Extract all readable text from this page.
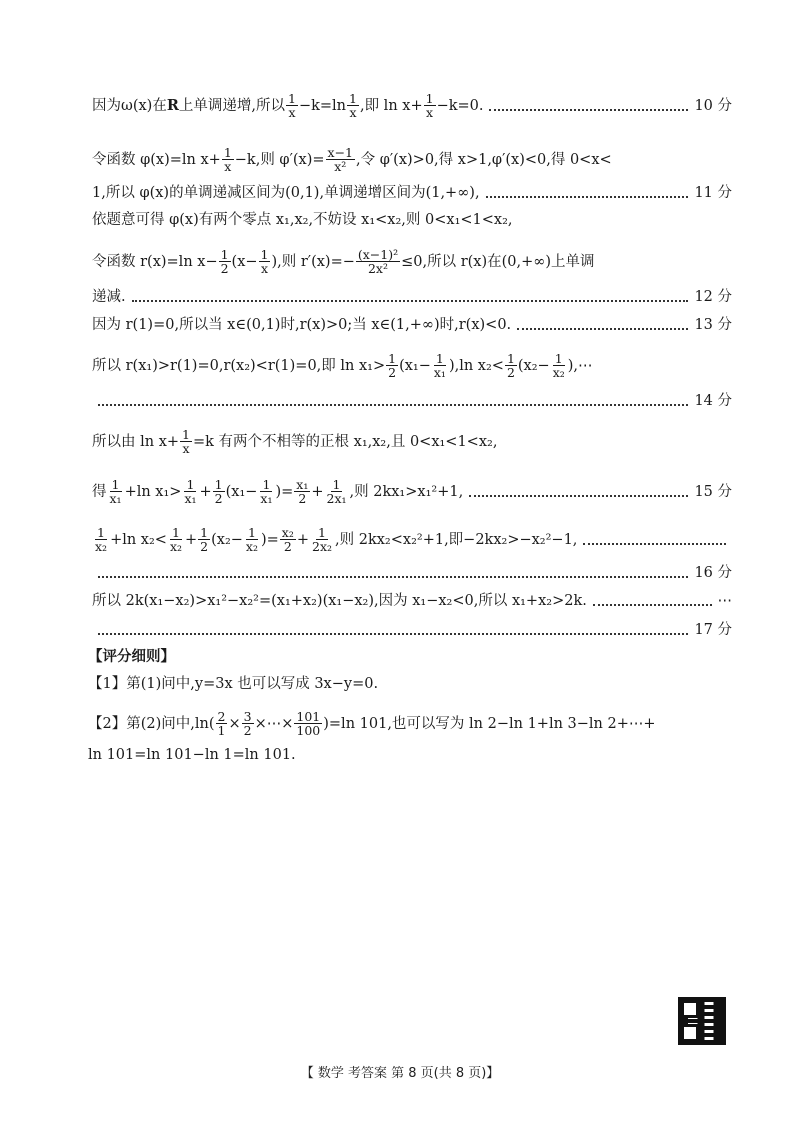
因为ω(x)在 R 上单调递增,所以 $\frac{1}{x} -k=\ln \frac{1}{x}$ ,即 $\ln x+ \frac{1}{x} -k=0$.	10 分
令函数 φ(x)=ln $x+ \frac{1}{x} -k$,则 $\varphi'(x)= \frac{x-1}{\text{x²}}$ ,令 φ′(x)>0,得 x>1,φ′(x)<0,得 0<x<
1,所以 φ(x)的单调递减区间为(0,1),单调递增区间为(1,+∞),	11 分
依题意可得 φ(x)有两个零点 x₁,x₂,不妨设 x₁<x₂,则 0<x₁<1<x₂,
令函数 r(x)=ln $x- \frac{1}{2} (x- \frac{1}{x}$ ),则 $r'(x)=- \frac{\text{(x−1)²}}{\text{2x²}} \le 0$,所以 r(x)在(0,+∞)上单调
递减.	12 分
因为 r(1)=0,所以当 x∈(0,1)时,r(x)>0;当 x∈(1,+∞)时,r(x)<0.	13 分
所以 r(x₁)>r(1)=0,r(x₂)<r(1)=0,即 $\ln x_1> \frac{1}{2} (x_1- \frac{1}{\text{x₁}} ),\ln$ $x_2< \frac{1}{2} (x_2- \frac{1}{\text{x₂}}$ ),⋯
14 分
所以由 $\ln x+ \frac{1}{x} =k$ 有两个不相等的正根 x₁,x₂,且 0<x₁<1<x₂,
得 $\frac{1}{\text{x₁}} +\ln$ $x_1> \frac{1}{\text{x₁}} + \frac{1}{2} (x_1- \frac{1}{\text{x₁}}$ )= $\frac{\text{x₁}}{2} + \frac{1}{\text{2x₁}}$ ,则 2kx₁>x₁²+1,	15 分
$\frac{1}{\text{x₂}} +\ln$ $x_2< \frac{1}{\text{x₂}} + \frac{1}{2} (x_2- \frac{1}{\text{x₂}}$ )= $\frac{\text{x₂}}{2} + \frac{1}{\text{2x₂}}$ ,则 2kx₂<x₂²+1,即−2kx₂>−x₂²−1,
16 分
所以 2k(x₁−x₂)>x₁²−x₂²=(x₁+x₂)(x₁−x₂),因为 x₁−x₂<0,所以 x₁+x₂>2k.	⋯
17 分
【评分细则】
【1】第(1)问中,y=3x 也可以写成 3x−y=0.
【2】第(2)问中$,\ln( \frac{2}{1} \times \frac{3}{2}$ ×⋯× $\frac{101}{100} )=\ln$ 101,也可以写为 ln 2−ln 1+ln 3−ln 2+⋯+
ln 101=ln 101−ln 1=ln 101.
【 数学 考答案 第 8 页(共 8 页)】
